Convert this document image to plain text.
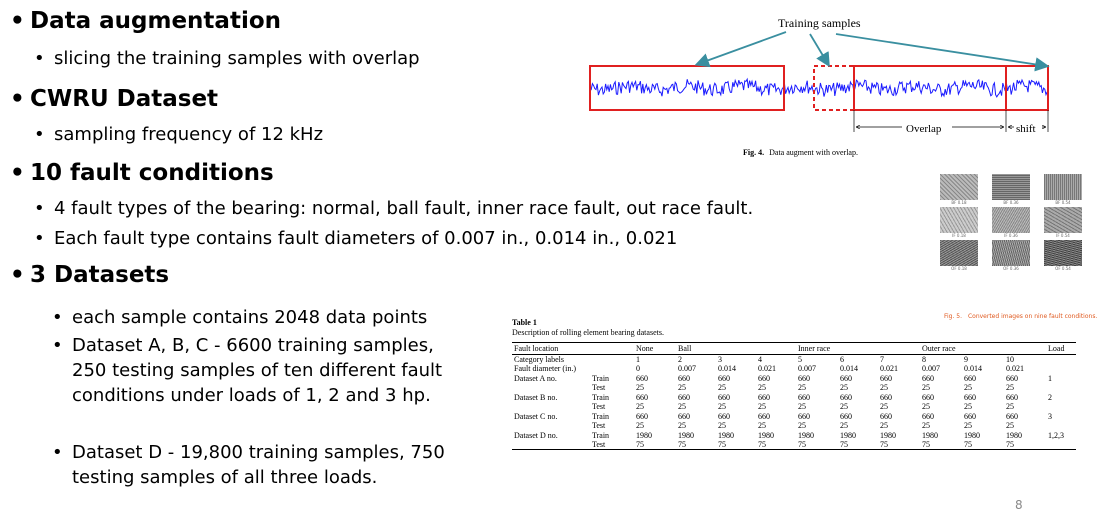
• Data augmentation
• slicing the training samples with overlap
• CWRU Dataset
• sampling frequency of 12 kHz
• 10 fault conditions
• 4 fault types of the bearing: normal, ball fault, inner race fault, out race fault.
• Each fault type contains fault diameters of 0.007 in., 0.014 in., 0.021
• 3 Datasets
• each sample contains 2048 data points
• Dataset A, B, C - 6600 training samples, 250 testing samples of ten different fault conditions under loads of 1, 2 and 3 hp.
• Dataset D - 19,800 training samples, 750 testing samples of all three loads.
Training samples
Overlap	shift
Fig. 4. Data augment with overlap.
BF 0.18	BF 0.36	BF 0.54
IF 0.18	IF 0.36	IF 0.54
OF 0.18	OF 0.36	OF 0.54
Fig. 5. Converted images on nine fault conditions.
Table 1
Description of rolling element bearing datasets.
Fault location		None	Ball			Inner race			Outer race			Load
Category labels		1	2	3	4	5	6	7	8	9	10	
Fault diameter (in.)		0	0.007	0.014	0.021	0.007	0.014	0.021	0.007	0.014	0.021	
Dataset A no.	Train	660	660	660	660	660	660	660	660	660	660	1
	Test	25	25	25	25	25	25	25	25	25	25	
Dataset B no.	Train	660	660	660	660	660	660	660	660	660	660	2
	Test	25	25	25	25	25	25	25	25	25	25	
Dataset C no.	Train	660	660	660	660	660	660	660	660	660	660	3
	Test	25	25	25	25	25	25	25	25	25	25	
Dataset D no.	Train	1980	1980	1980	1980	1980	1980	1980	1980	1980	1980	1,2,3
	Test	75	75	75	75	75	75	75	75	75	75	
8
